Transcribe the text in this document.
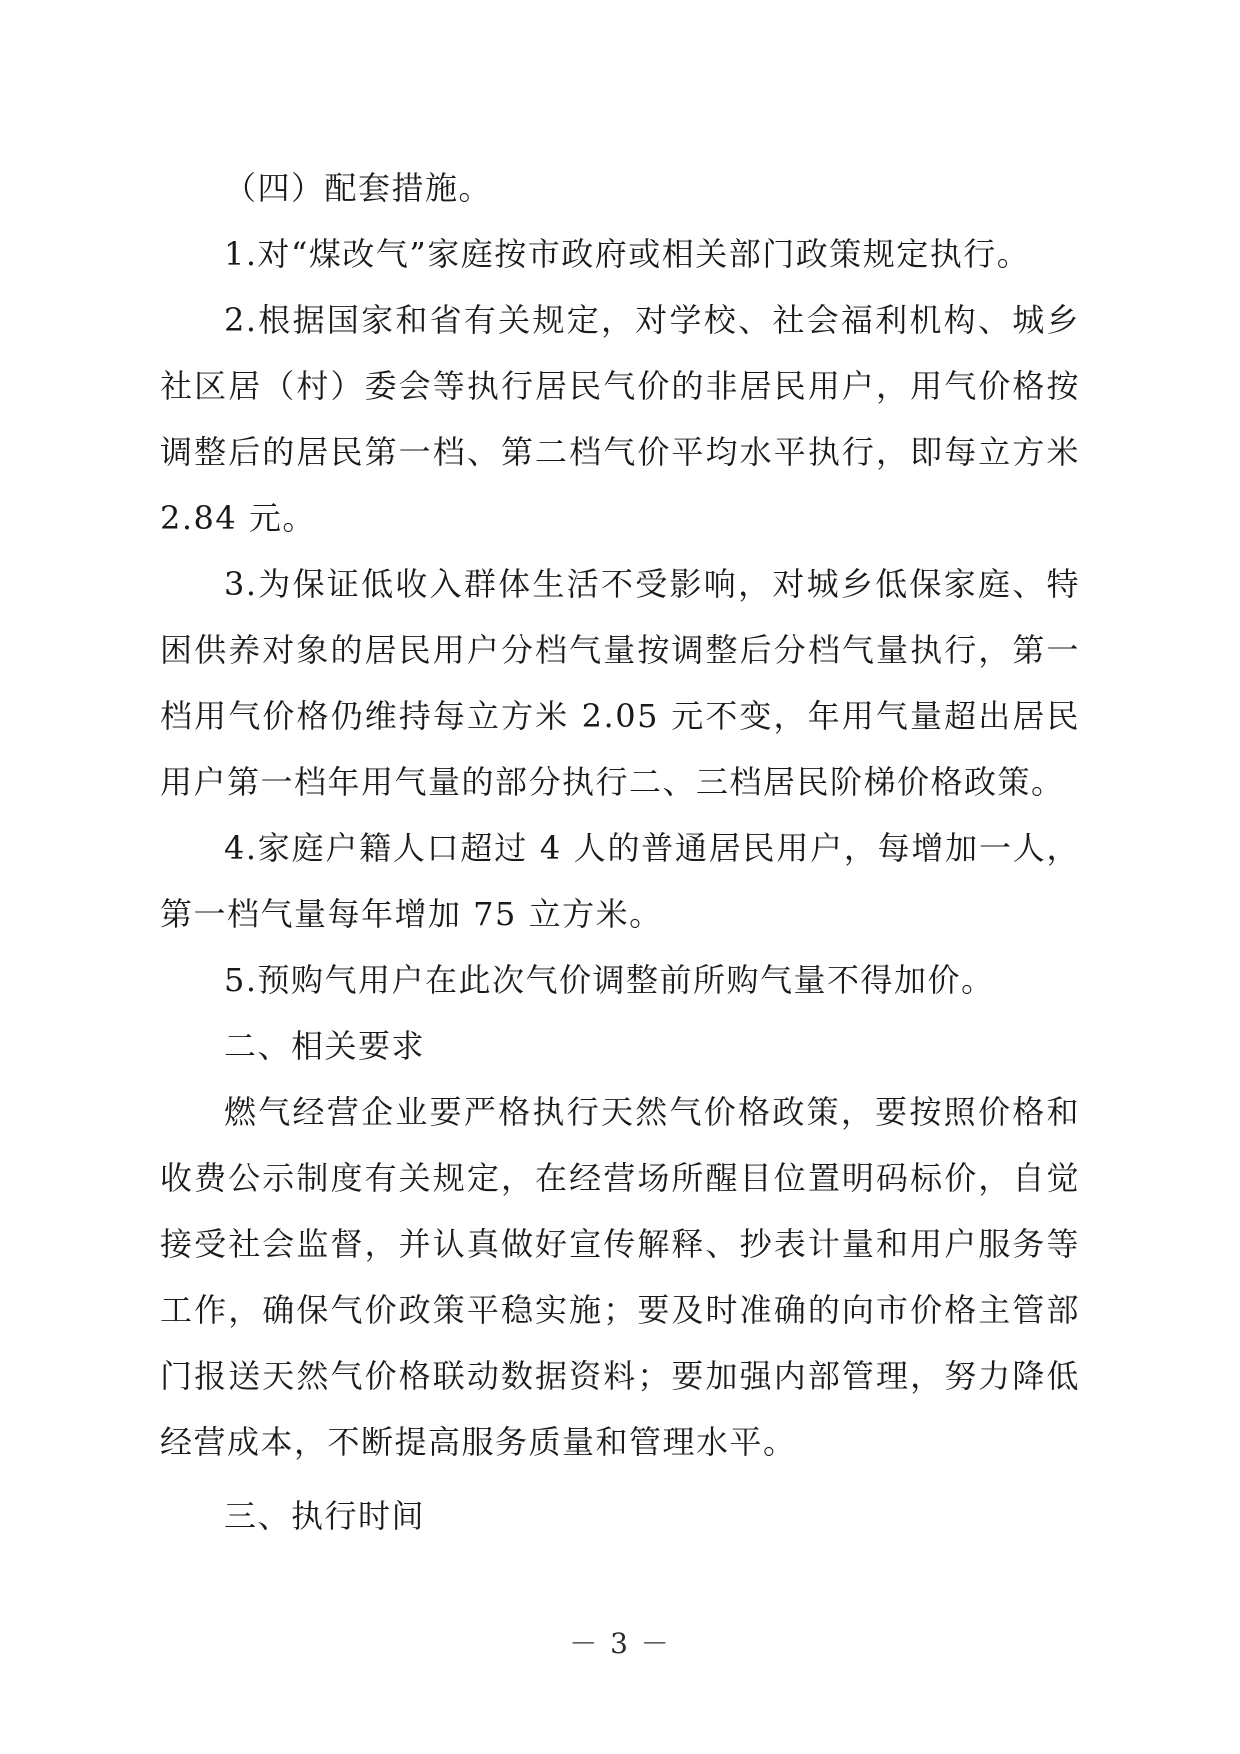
（四）配套措施。

1.对“煤改气”家庭按市政府或相关部门政策规定执行。

2.根据国家和省有关规定，对学校、社会福利机构、城乡社区居（村）委会等执行居民气价的非居民用户，用气价格按调整后的居民第一档、第二档气价平均水平执行，即每立方米 2.84 元。

3.为保证低收入群体生活不受影响，对城乡低保家庭、特困供养对象的居民用户分档气量按调整后分档气量执行，第一档用气价格仍维持每立方米 2.05 元不变，年用气量超出居民用户第一档年用气量的部分执行二、三档居民阶梯价格政策。

4.家庭户籍人口超过 4 人的普通居民用户，每增加一人，第一档气量每年增加 75 立方米。

5.预购气用户在此次气价调整前所购气量不得加价。

二、相关要求

燃气经营企业要严格执行天然气价格政策，要按照价格和收费公示制度有关规定，在经营场所醒目位置明码标价，自觉接受社会监督，并认真做好宣传解释、抄表计量和用户服务等工作，确保气价政策平稳实施；要及时准确的向市价格主管部门报送天然气价格联动数据资料；要加强内部管理，努力降低经营成本，不断提高服务质量和管理水平。

三、执行时间

－ 3 －
